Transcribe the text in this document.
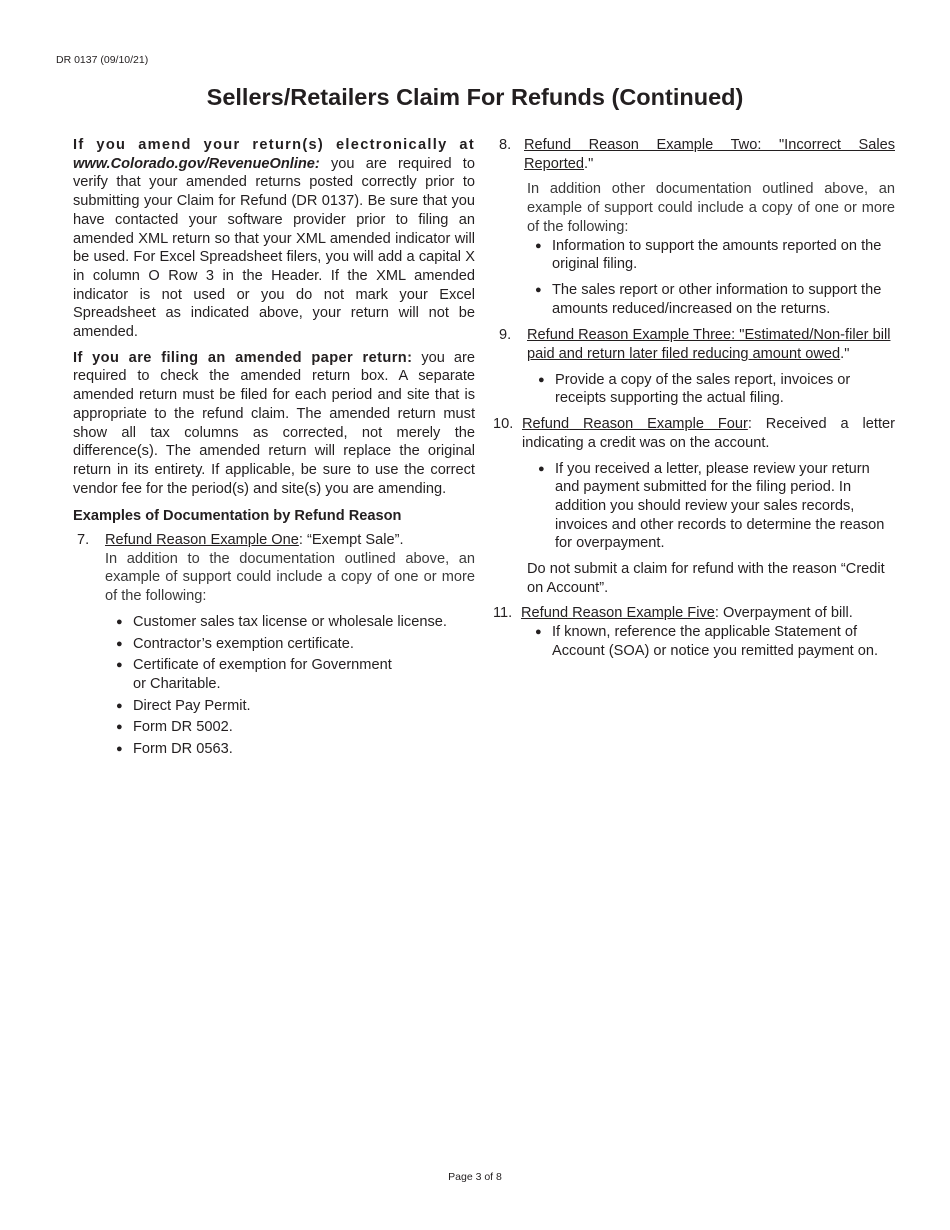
DR 0137 (09/10/21)
Sellers/Retailers Claim For Refunds (Continued)

If you amend your return(s) electronically at www.Colorado.gov/RevenueOnline: you are required to verify that your amended returns posted correctly prior to submitting your Claim for Refund (DR 0137). Be sure that you have contacted your software provider prior to filing an amended XML return so that your XML amended indicator will be used. For Excel Spreadsheet filers, you will add a capital X in column O Row 3 in the Header. If the XML amended indicator is not used or you do not mark your Excel Spreadsheet as indicated above, your return will not be amended.

If you are filing an amended paper return: you are required to check the amended return box. A separate amended return must be filed for each period and site that is appropriate to the refund claim. The amended return must show all tax columns as corrected, not merely the difference(s). The amended return will replace the original return in its entirety. If applicable, be sure to use the correct vendor fee for the period(s) and site(s) you are amending.

Examples of Documentation by Refund Reason

7. Refund Reason Example One: “Exempt Sale”.

In addition to the documentation outlined above, an example of support could include a copy of one or more of the following:

● Customer sales tax license or wholesale license.
● Contractor’s exemption certificate.
● Certificate of exemption for Government
or Charitable.
● Direct Pay Permit.
● Form DR 5002.
● Form DR 0563.
8. Refund Reason Example Two: "Incorrect Sales Reported."

In addition other documentation outlined above, an example of support could include a copy of one or more of the following:

● Information to support the amounts reported on the original filing.
● The sales report or other information to support the amounts reduced/increased on the returns.
9. Refund Reason Example Three: "Estimated/Non-filer bill paid and return later filed reducing amount owed."

● Provide a copy of the sales report, invoices or receipts supporting the actual filing.
10. Refund Reason Example Four: Received a letter indicating a credit was on the account.

● If you received a letter, please review your return and payment submitted for the filing period. In addition you should review your sales records, invoices and other records to determine the reason for overpayment.

Do not submit a claim for refund with the reason “Credit on Account”.

11. Refund Reason Example Five: Overpayment of bill.

● If known, reference the applicable Statement of Account (SOA) or notice you remitted payment on.
Page 3 of 8
